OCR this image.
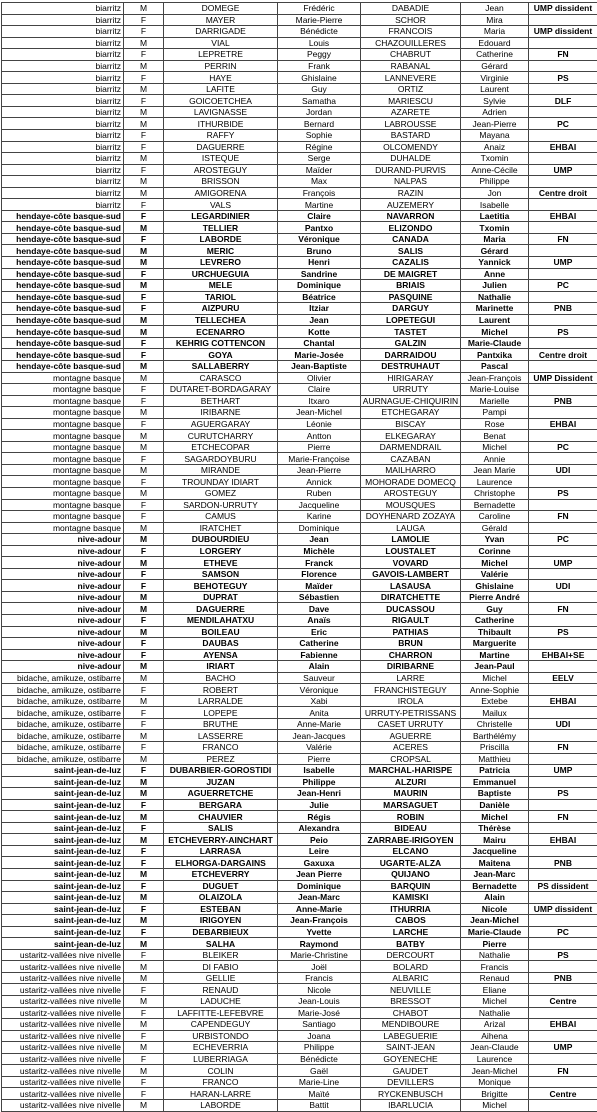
biarritz	M	DOMEGE	Frédéric	DABADIE	Jean	UMP dissident
biarritz	F	MAYER	Marie-Pierre	SCHOR	Mira	
biarritz	F	DARRIGADE	Bénédicte	FRANCOIS	Maria	UMP dissident
biarritz	M	VIAL	Louis	CHAZOUILLERES	Edouard	
biarritz	F	LEPRETRE	Peggy	CHABRUT	Catherine	FN
biarritz	M	PERRIN	Frank	RABANAL	Gérard	
biarritz	F	HAYE	Ghislaine	LANNEVERE	Virginie	PS
biarritz	M	LAFITE	Guy	ORTIZ	Laurent	
biarritz	F	GOICOETCHEA	Samatha	MARIESCU	Sylvie	DLF
biarritz	M	LAVIGNASSE	Jordan	AZARETE	Adrien	
biarritz	M	ITHURBIDE	Bernard	LABROUSSE	Jean-Pierre	PC
biarritz	F	RAFFY	Sophie	BASTARD	Mayana	
biarritz	F	DAGUERRE	Régine	OLCOMENDY	Anaiz	EHBAI
biarritz	M	ISTEQUE	Serge	DUHALDE	Txomin	
biarritz	F	AROSTEGUY	Maïder	DURAND-PURVIS	Anne-Cécile	UMP
biarritz	M	BRISSON	Max	NALPAS	Philippe	
biarritz	M	AMIGORENA	François	RAZIN	Jon	Centre droit
biarritz	F	VALS	Martine	AUZEMERY	Isabelle	
hendaye-côte basque-sud	F	LEGARDINIER	Claire	NAVARRON	Laetitia	EHBAI
hendaye-côte basque-sud	M	TELLIER	Pantxo	ELIZONDO	Txomin	
hendaye-côte basque-sud	F	LABORDE	Véronique	CANADA	Maria	FN
hendaye-côte basque-sud	M	MERIC	Bruno	SALIS	Gérard	
hendaye-côte basque-sud	M	LEVRERO	Henri	CAZALIS	Yannick	UMP
hendaye-côte basque-sud	F	URCHUEGUIA	Sandrine	DE MAIGRET	Anne	
hendaye-côte basque-sud	M	MELE	Dominique	BRIAIS	Julien	PC
hendaye-côte basque-sud	F	TARIOL	Béatrice	PASQUINE	Nathalie	
hendaye-côte basque-sud	F	AIZPURU	Itziar	DARGUY	Marinette	PNB
hendaye-côte basque-sud	M	TELLECHEA	Jean	LOPETEGUI	Laurent	
hendaye-côte basque-sud	M	ECENARRO	Kotte	TASTET	Michel	PS
hendaye-côte basque-sud	F	KEHRIG COTTENCON	Chantal	GALZIN	Marie-Claude	
hendaye-côte basque-sud	F	GOYA	Marie-Josée	DARRAIDOU	Pantxika	Centre droit
hendaye-côte basque-sud	M	SALLABERRY	Jean-Baptiste	DESTRUHAUT	Pascal	
montagne basque	M	CARASCO	Olivier	HIRIGARAY	Jean-François	UMP Dissident
montagne basque	F	DUTARET-BORDAGARAY	Claire	URRUTY	Marie-Louise	
montagne basque	F	BETHART	Itxaro	AURNAGUE-CHIQUIRIN	Marielle	PNB
montagne basque	M	IRIBARNE	Jean-Michel	ETCHEGARAY	Pampi	
montagne basque	F	AGUERGARAY	Léonie	BISCAY	Rose	EHBAI
montagne basque	M	CURUTCHARRY	Antton	ELKEGARAY	Benat	
montagne basque	M	ETCHECOPAR	Pierre	DARMENDRAIL	Michel	PC
montagne basque	F	SAGARDOYBURU	Marie-Françoise	CAZABAN	Annie	
montagne basque	M	MIRANDE	Jean-Pierre	MAILHARRO	Jean Marie	UDI
montagne basque	F	TROUNDAY IDIART	Annick	MOHORADE DOMECQ	Laurence	
montagne basque	M	GOMEZ	Ruben	AROSTEGUY	Christophe	PS
montagne basque	F	SARDON-URRUTY	Jacqueline	MOUSQUES	Bernadette	
montagne basque	F	CAMUS	Karine	DOYHENARD ZOZAYA	Caroline	FN
montagne basque	M	IRATCHET	Dominique	LAUGA	Gérald	
nive-adour	M	DUBOURDIEU	Jean	LAMOLIE	Yvan	PC
nive-adour	F	LORGERY	Michèle	LOUSTALET	Corinne	
nive-adour	M	ETHEVE	Franck	VOVARD	Michel	UMP
nive-adour	F	SAMSON	Florence	GAVOIS-LAMBERT	Valérie	
nive-adour	F	BEHOTEGUY	Maïder	LASAUSA	Ghislaine	UDI
nive-adour	M	DUPRAT	Sébastien	DIRATCHETTE	Pierre André	
nive-adour	M	DAGUERRE	Dave	DUCASSOU	Guy	FN
nive-adour	F	MENDILAHATXU	Anaïs	RIGAULT	Catherine	
nive-adour	M	BOILEAU	Eric	PATHIAS	Thibault	PS
nive-adour	F	DAUBAS	Catherine	BRUN	Marguerite	
nive-adour	F	AYENSA	Fabienne	CHARRON	Martine	EHBAI+SE
nive-adour	M	IRIART	Alain	DIRIBARNE	Jean-Paul	
bidache, amikuze, ostibarre	M	BACHO	Sauveur	LARRE	Michel	EELV
bidache, amikuze, ostibarre	F	ROBERT	Véronique	FRANCHISTEGUY	Anne-Sophie	
bidache, amikuze, ostibarre	M	LARRALDE	Xabi	IROLA	Extebe	EHBAI
bidache, amikuze, ostibarre	F	LOPEPE	Anita	URRUTY-PETRISSANS	Mailux	
bidache, amikuze, ostibarre	F	BRUTHE	Anne-Marie	CASET URRUTY	Christelle	UDI
bidache, amikuze, ostibarre	M	LASSERRE	Jean-Jacques	AGUERRE	Barthélémy	
bidache, amikuze, ostibarre	F	FRANCO	Valérie	ACERES	Priscilla	FN
bidache, amikuze, ostibarre	M	PEREZ	Pierre	CROPSAL	Matthieu	
saint-jean-de-luz	F	DUBARBIER-GOROSTIDI	Isabelle	MARCHAL-HARISPE	Patricia	UMP
saint-jean-de-luz	M	JUZAN	Philippe	ALZURI	Emmanuel	
saint-jean-de-luz	M	AGUERRETCHE	Jean-Henri	MAURIN	Baptiste	PS
saint-jean-de-luz	F	BERGARA	Julie	MARSAGUET	Danièle	
saint-jean-de-luz	M	CHAUVIER	Régis	ROBIN	Michel	FN
saint-jean-de-luz	F	SALIS	Alexandra	BIDEAU	Thérèse	
saint-jean-de-luz	M	ETCHEVERRY-AINCHART	Peio	ZARRABE-IRIGOYEN	Mairu	EHBAI
saint-jean-de-luz	F	LARRASA	Leire	ELCANO	Jacqueline	
saint-jean-de-luz	F	ELHORGA-DARGAINS	Gaxuxa	UGARTE-ALZA	Maitena	PNB
saint-jean-de-luz	M	ETCHEVERRY	Jean Pierre	QUIJANO	Jean-Marc	
saint-jean-de-luz	F	DUGUET	Dominique	BARQUIN	Bernadette	PS dissident
saint-jean-de-luz	M	OLAIZOLA	Jean-Marc	KAMISKI	Alain	
saint-jean-de-luz	F	ESTEBAN	Anne-Marie	ITHURRIA	Nicole	UMP dissident
saint-jean-de-luz	M	IRIGOYEN	Jean-François	CABOS	Jean-Michel	
saint-jean-de-luz	F	DEBARBIEUX	Yvette	LARCHE	Marie-Claude	PC
saint-jean-de-luz	M	SALHA	Raymond	BATBY	Pierre	
ustaritz-vallées nive nivelle	F	BLEIKER	Marie-Christine	DERCOURT	Nathalie	PS
ustaritz-vallées nive nivelle	M	DI FABIO	Joël	BOLARD	Francis	
ustaritz-vallées nive nivelle	M	GELLIE	Francis	ALBARIC	Renaud	PNB
ustaritz-vallées nive nivelle	F	RENAUD	Nicole	NEUVILLE	Eliane	
ustaritz-vallées nive nivelle	M	LADUCHE	Jean-Louis	BRESSOT	Michel	Centre
ustaritz-vallées nive nivelle	F	LAFFITTE-LEFEBVRE	Marie-José	CHABOT	Nathalie	
ustaritz-vallées nive nivelle	M	CAPENDEGUY	Santiago	MENDIBOURE	Arizal	EHBAI
ustaritz-vallées nive nivelle	F	URBISTONDO	Joana	LABEGUERIE	Aihena	
ustaritz-vallées nive nivelle	M	ECHEVERRIA	Philippe	SAINT-JEAN	Jean-Claude	UMP
ustaritz-vallées nive nivelle	F	LUBERRIAGA	Bénédicte	GOYENECHE	Laurence	
ustaritz-vallées nive nivelle	M	COLIN	Gaël	GAUDET	Jean-Michel	FN
ustaritz-vallées nive nivelle	F	FRANCO	Marie-Line	DEVILLERS	Monique	
ustaritz-vallées nive nivelle	F	HARAN-LARRE	Maïté	RYCKENBUSCH	Brigitte	Centre
ustaritz-vallées nive nivelle	M	LABORDE	Battit	IBARLUCIA	Michel	
